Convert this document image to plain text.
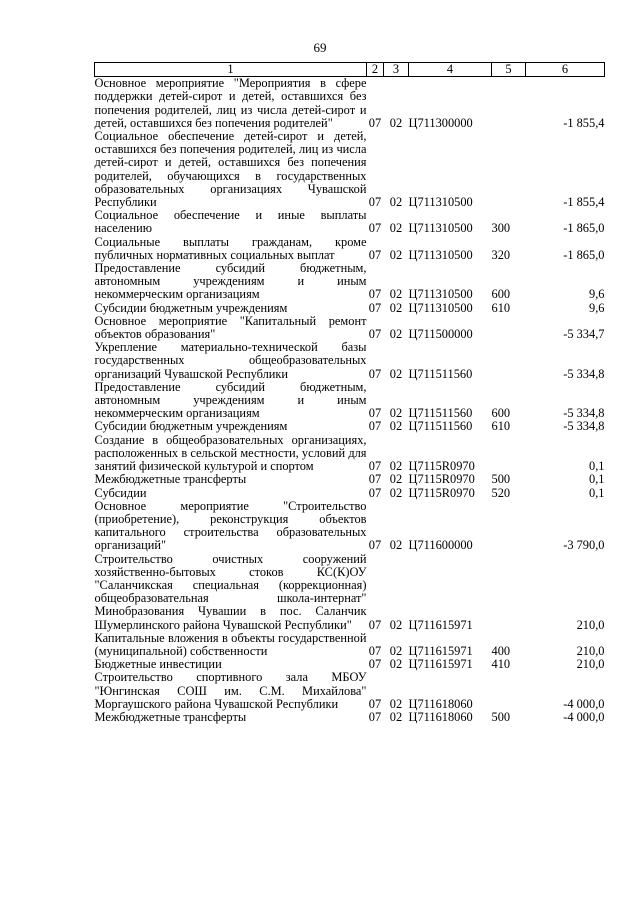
69
1	2	3	4	5	6
Основное мероприятие "Мероприятия в сфере поддержки детей-сирот и детей, оставшихся без попечения родителей, лиц из числа детей-сирот и детей, оставшихся без попечения родителей"	07	02	Ц711300000		-1 855,4
Социальное обеспечение детей-сирот и детей, оставшихся без попечения родителей, лиц из числа детей-сирот и детей, оставшихся без попечения родителей, обучающихся в государственных образовательных организациях Чувашской Республики	07	02	Ц711310500		-1 855,4
Социальное обеспечение и иные выплаты населению	07	02	Ц711310500	300	-1 865,0
Социальные выплаты гражданам, кроме публичных нормативных социальных выплат	07	02	Ц711310500	320	-1 865,0
Предоставление субсидий бюджетным, автономным учреждениям и иным некоммерческим организациям	07	02	Ц711310500	600	9,6
Субсидии бюджетным учреждениям	07	02	Ц711310500	610	9,6
Основное мероприятие "Капитальный ремонт объектов образования"	07	02	Ц711500000		-5 334,7
Укрепление материально-технической базы государственных общеобразовательных организаций Чувашской Республики	07	02	Ц711511560		-5 334,8
Предоставление субсидий бюджетным, автономным учреждениям и иным некоммерческим организациям	07	02	Ц711511560	600	-5 334,8
Субсидии бюджетным учреждениям	07	02	Ц711511560	610	-5 334,8
Создание в общеобразовательных организациях, расположенных в сельской местности, условий для занятий физической культурой и спортом	07	02	Ц7115R0970		0,1
Межбюджетные трансферты	07	02	Ц7115R0970	500	0,1
Субсидии	07	02	Ц7115R0970	520	0,1
Основное мероприятие "Строительство (приобретение), реконструкция объектов капитального строительства образовательных организаций"	07	02	Ц711600000		-3 790,0
Строительство очистных сооружений хозяйственно-бытовых стоков КС(К)ОУ "Саланчикская специальная (коррекционная) общеобразовательная школа-интернат" Минобразования Чувашии в пос. Саланчик Шумерлинского района Чувашской Республики"	07	02	Ц711615971		210,0
Капитальные вложения в объекты государственной (муниципальной) собственности	07	02	Ц711615971	400	210,0
Бюджетные инвестиции	07	02	Ц711615971	410	210,0
Строительство спортивного зала МБОУ "Юнгинская СОШ им. С.М. Михайлова" Моргаушского района Чувашской Республики	07	02	Ц711618060		-4 000,0
Межбюджетные трансферты	07	02	Ц711618060	500	-4 000,0
